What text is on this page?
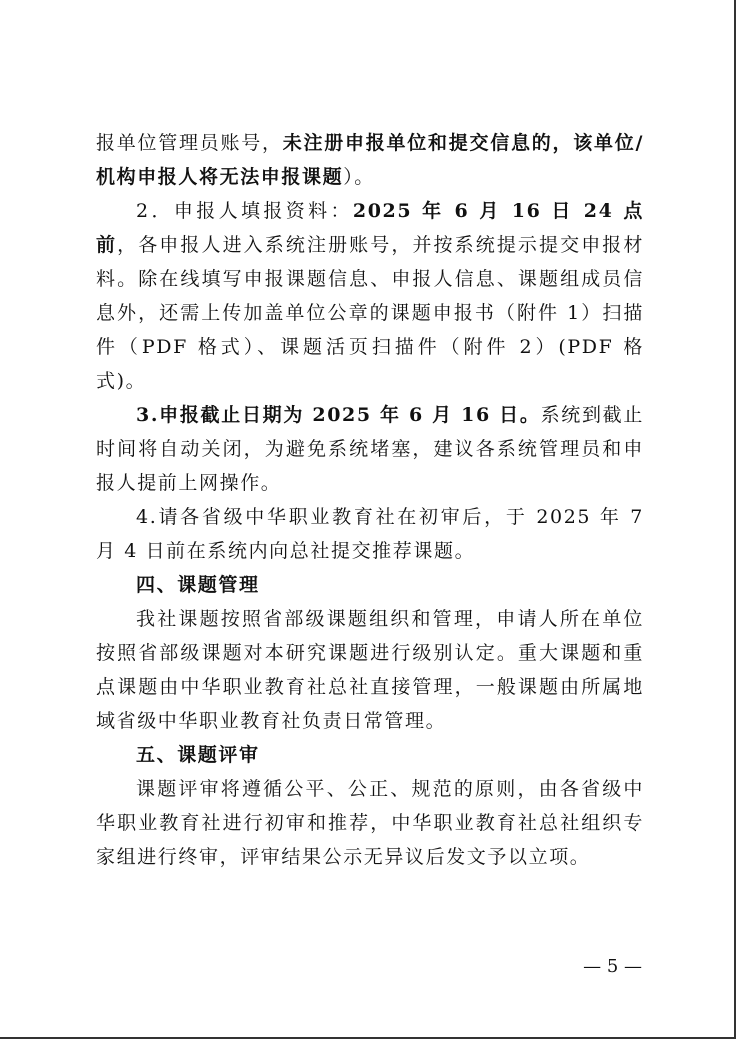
报单位管理员账号，未注册申报单位和提交信息的，该单位/机构申报人将无法申报课题）。

2．申报人填报资料：2025 年 6 月 16 日 24 点前，各申报人进入系统注册账号，并按系统提示提交申报材料。除在线填写申报课题信息、申报人信息、课题组成员信息外，还需上传加盖单位公章的课题申报书（附件 1）扫描件（PDF 格式）、课题活页扫描件（附件 2）(PDF 格式)。

3.申报截止日期为 2025 年 6 月 16 日。系统到截止时间将自动关闭，为避免系统堵塞，建议各系统管理员和申报人提前上网操作。

4.请各省级中华职业教育社在初审后，于 2025 年 7 月 4 日前在系统内向总社提交推荐课题。

四、课题管理

我社课题按照省部级课题组织和管理，申请人所在单位按照省部级课题对本研究课题进行级别认定。重大课题和重点课题由中华职业教育社总社直接管理，一般课题由所属地域省级中华职业教育社负责日常管理。

五、课题评审

课题评审将遵循公平、公正、规范的原则，由各省级中华职业教育社进行初审和推荐，中华职业教育社总社组织专家组进行终审，评审结果公示无异议后发文予以立项。

— 5 —
